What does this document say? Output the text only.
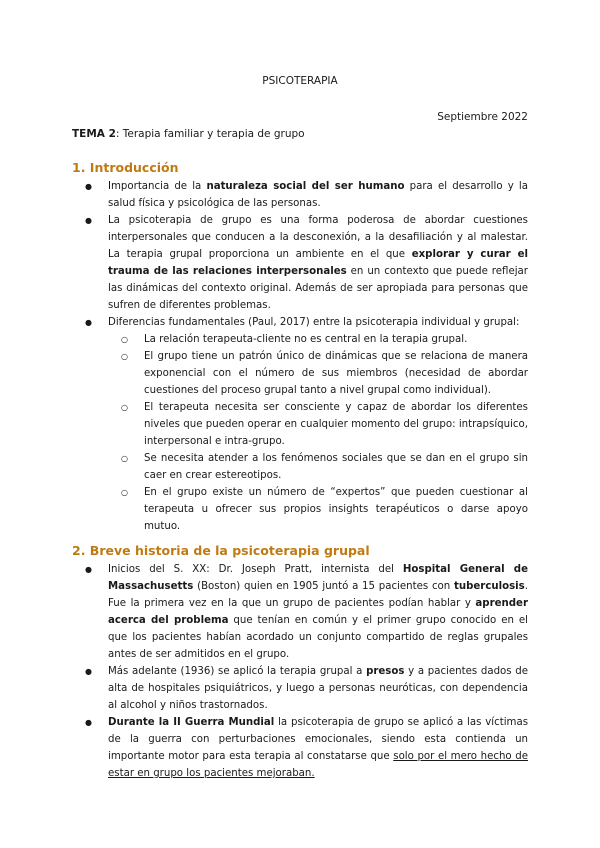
PSICOTERAPIA
Septiembre 2022
TEMA 2: Terapia familiar y terapia de grupo
1. Introducción
● Importancia de la naturaleza social del ser humano para el desarrollo y la salud física y psicológica de las personas.
● La psicoterapia de grupo es una forma poderosa de abordar cuestiones interpersonales que conducen a la desconexión, a la desafiliación y al malestar. La terapia grupal proporciona un ambiente en el que explorar y curar el trauma de las relaciones interpersonales en un contexto que puede reflejar las dinámicas del contexto original. Además de ser apropiada para personas que sufren de diferentes problemas.
● Diferencias fundamentales (Paul, 2017) entre la psicoterapia individual y grupal:
○ La relación terapeuta-cliente no es central en la terapia grupal.
○ El grupo tiene un patrón único de dinámicas que se relaciona de manera exponencial con el número de sus miembros (necesidad de abordar cuestiones del proceso grupal tanto a nivel grupal como individual).
○ El terapeuta necesita ser consciente y capaz de abordar los diferentes niveles que pueden operar en cualquier momento del grupo: intrapsíquico, interpersonal e intra-grupo.
○ Se necesita atender a los fenómenos sociales que se dan en el grupo sin caer en crear estereotipos.
○ En el grupo existe un número de “expertos” que pueden cuestionar al terapeuta u ofrecer sus propios insights terapéuticos o darse apoyo mutuo.
2. Breve historia de la psicoterapia grupal
● Inicios del S. XX: Dr. Joseph Pratt, internista del Hospital General de Massachusetts (Boston) quien en 1905 juntó a 15 pacientes con tuberculosis. Fue la primera vez en la que un grupo de pacientes podían hablar y aprender acerca del problema que tenían en común y el primer grupo conocido en el que los pacientes habían acordado un conjunto compartido de reglas grupales antes de ser admitidos en el grupo.
● Más adelante (1936) se aplicó la terapia grupal a presos y a pacientes dados de alta de hospitales psiquiátricos, y luego a personas neuróticas, con dependencia al alcohol y niños trastornados.
● Durante la II Guerra Mundial la psicoterapia de grupo se aplicó a las víctimas de la guerra con perturbaciones emocionales, siendo esta contienda un importante motor para esta terapia al constatarse que solo por el mero hecho de estar en grupo los pacientes mejoraban.
